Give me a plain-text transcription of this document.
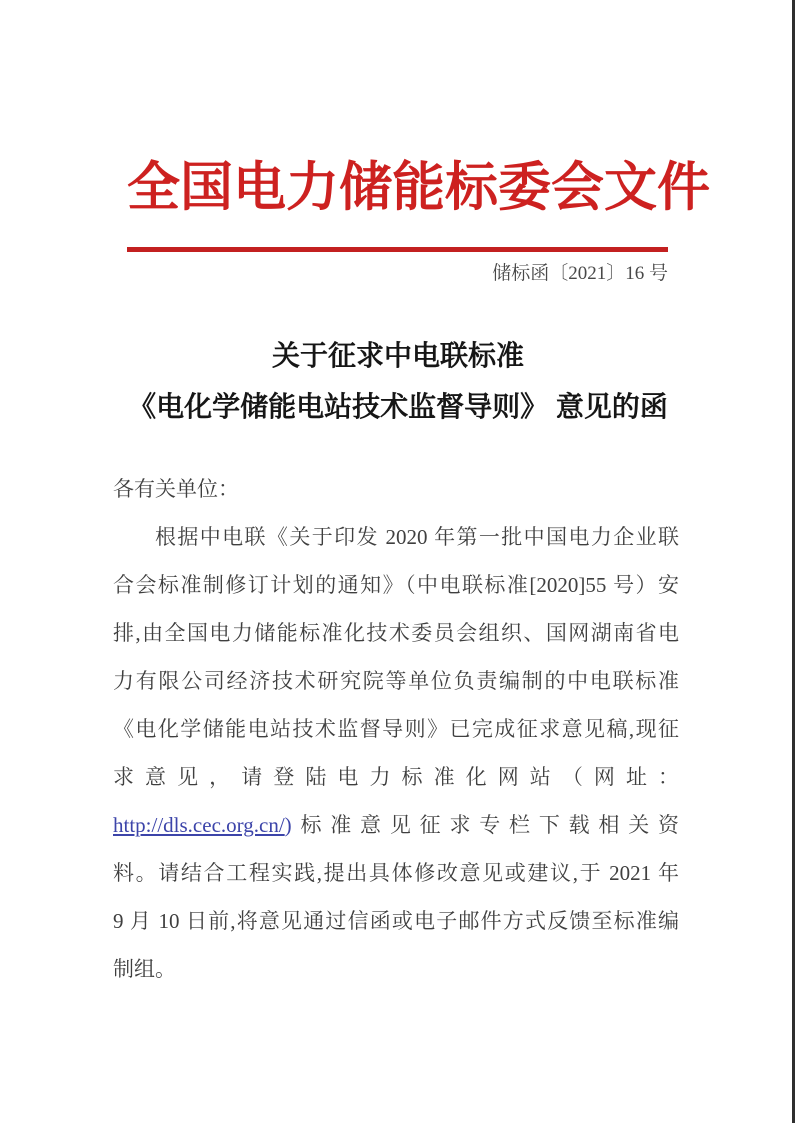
全国电力储能标委会文件
储标函〔2021〕16 号
关于征求中电联标准
《电化学储能电站技术监督导则》 意见的函
各有关单位：
根据中电联《关于印发 2020 年第一批中国电力企业联
合会标准制修订计划的通知》（中电联标准[2020]55 号）安
排,由全国电力储能标准化技术委员会组织、国网湖南省电
力有限公司经济技术研究院等单位负责编制的中电联标准
《电化学储能电站技术监督导则》已完成征求意见稿,现征
求意见，请登陆电力标准化网站（网址：
http://dls.cec.org.cn/)标准意见征求专栏下载相关资
料。请结合工程实践,提出具体修改意见或建议,于 2021 年
9 月 10 日前,将意见通过信函或电子邮件方式反馈至标准编
制组。
